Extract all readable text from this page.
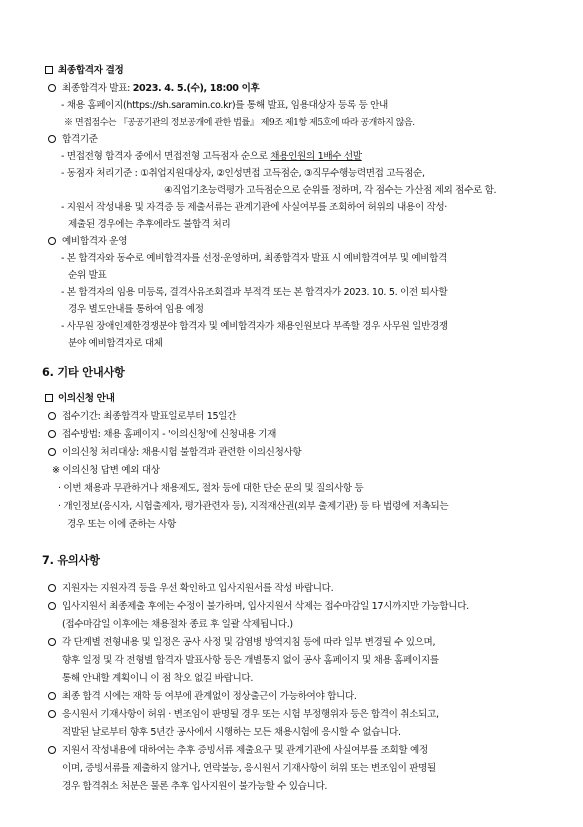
최종합격자 결정
최종합격자 발표: 2023. 4. 5.(수), 18:00 이후
- 채용 홈페이지(https://sh.saramin.co.kr)를 통해 발표, 임용대상자 등록 등 안내
※ 면접점수는 『공공기관의 정보공개에 관한 법률』 제9조 제1항 제5호에 따라 공개하지 않음.
합격기준
- 면접전형 합격자 중에서 면접전형 고득점자 순으로 채용인원의 1배수 선발
- 동점자 처리기준 : ①취업지원대상자, ②인성면접 고득점순, ③직무수행능력면접 고득점순,
④직업기초능력평가 고득점순으로 순위를 정하며, 각 점수는 가산점 제외 점수로 함.
- 지원서 작성내용 및 자격증 등 제출서류는 관계기관에 사실여부를 조회하여 허위의 내용이 작성·
제출된 경우에는 추후에라도 불합격 처리
예비합격자 운영
- 본 합격자와 동수로 예비합격자를 선정·운영하며, 최종합격자 발표 시 예비합격여부 및 예비합격
순위 발표
- 본 합격자의 임용 미등록, 결격사유조회결과 부적격 또는 본 합격자가 2023. 10. 5. 이전 퇴사할
경우 별도안내를 통하여 임용 예정
- 사무원 장애인제한경쟁분야 합격자 및 예비합격자가 채용인원보다 부족할 경우 사무원 일반경쟁
분야 예비합격자로 대체
6. 기타 안내사항
이의신청 안내
접수기간: 최종합격자 발표일로부터 15일간
접수방법: 채용 홈페이지 - '이의신청'에 신청내용 기재
이의신청 처리대상: 채용시험 불합격과 관련한 이의신청사항
※ 이의신청 답변 예외 대상
· 이번 채용과 무관하거나 채용제도, 절차 등에 대한 단순 문의 및 질의사항 등
· 개인정보(응시자, 시험출제자, 평가관련자 등), 지적재산권(외부 출제기관) 등 타 법령에 저촉되는
경우 또는 이에 준하는 사항
7. 유의사항
지원자는 지원자격 등을 우선 확인하고 입사지원서를 작성 바랍니다.
입사지원서 최종제출 후에는 수정이 불가하며, 입사지원서 삭제는 접수마감일 17시까지만 가능합니다.
(접수마감일 이후에는 채용절차 종료 후 일괄 삭제됩니다.)
각 단계별 전형내용 및 일정은 공사 사정 및 감염병 방역지침 등에 따라 일부 변경될 수 있으며,
향후 일정 및 각 전형별 합격자 발표사항 등은 개별통지 없이 공사 홈페이지 및 채용 홈페이지를
통해 안내할 계획이니 이 점 착오 없길 바랍니다.
최종 합격 시에는 재학 등 여부에 관계없이 정상출근이 가능하여야 합니다.
응시원서 기재사항이 허위 · 변조임이 판명될 경우 또는 시험 부정행위자 등은 합격이 취소되고,
적발된 날로부터 향후 5년간 공사에서 시행하는 모든 채용시험에 응시할 수 없습니다.
지원서 작성내용에 대하여는 추후 증빙서류 제출요구 및 관계기관에 사실여부를 조회할 예정
이며, 증빙서류를 제출하지 않거나, 연락불능, 응시원서 기재사항이 허위 또는 변조임이 판명될
경우 합격취소 처분은 물론 추후 입사지원이 불가능할 수 있습니다.
